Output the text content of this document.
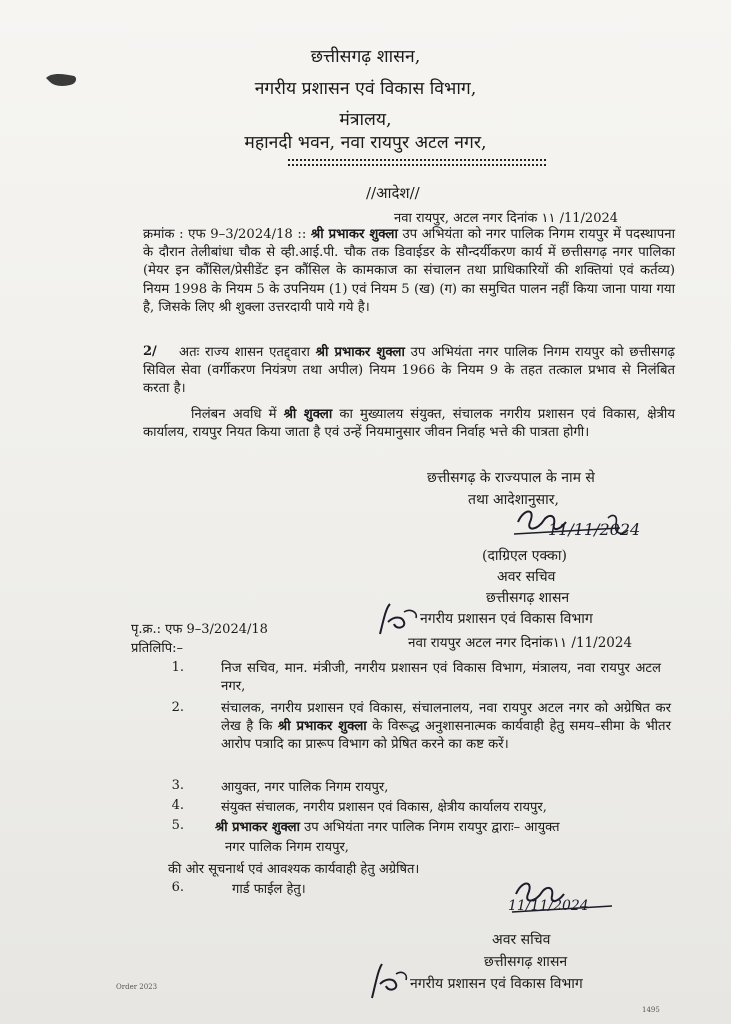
छत्तीसगढ़ शासन,
नगरीय प्रशासन एवं विकास विभाग,
मंत्रालय,
महानदी भवन, नवा रायपुर अटल नगर,
//आदेश//
नवा रायपुर, अटल नगर दिनांक ١١ /11/2024
क्रमांक : एफ 9–3/2024/18 :: श्री प्रभाकर शुक्ला उप अभियंता को नगर पालिक निगम रायपुर में पदस्थापना के दौरान तेलीबांधा चौक से व्ही.आई.पी. चौक तक डिवाईडर के सौन्दर्यीकरण कार्य में छत्तीसगढ़ नगर पालिका (मेयर इन कौंसिल/प्रेसीडेंट इन कौंसिल के कामकाज का संचालन तथा प्राधिकारियों की शक्तियां एवं कर्तव्य) नियम 1998 के नियम 5 के उपनियम (1) एवं नियम 5 (ख) (ग) का समुचित पालन नहीं किया जाना पाया गया है, जिसके लिए श्री शुक्ला उत्तरदायी पाये गये है।
अतः राज्य शासन एतद्द्वारा श्री प्रभाकर शुक्ला उप अभियंता नगर पालिक निगम रायपुर को छत्तीसगढ़ सिविल सेवा (वर्गीकरण नियंत्रण तथा अपील) नियम 1966 के नियम 9 के तहत तत्काल प्रभाव से निलंबित करता है।
2/
निलंबन अवधि में श्री शुक्ला का मुख्यालय संयुक्त, संचालक नगरीय प्रशासन एवं विकास, क्षेत्रीय कार्यालय, रायपुर नियत किया जाता है एवं उन्हें नियमानुसार जीवन निर्वाह भत्ते की पात्रता होगी।
छत्तीसगढ़ के राज्यपाल के नाम से
तथा आदेशानुसार,
11/11/2024
(दाग्रिएल एक्का)
अवर सचिव
छत्तीसगढ़ शासन
नगरीय प्रशासन एवं विकास विभाग
नवा रायपुर अटल नगर दिनांक١١ /11/2024
पृ.क्र.: एफ 9–3/2024/18
प्रतिलिपि:–
1.	निज सचिव, मान. मंत्रीजी, नगरीय प्रशासन एवं विकास विभाग, मंत्रालय, नवा रायपुर अटल नगर,
2.	संचालक, नगरीय प्रशासन एवं विकास, संचालनालय, नवा रायपुर अटल नगर को अग्रेषित कर लेख है कि श्री प्रभाकर शुक्ला के विरूद्ध अनुशासनात्मक कार्यवाही हेतु समय–सीमा के भीतर आरोप पत्रादि का प्रारूप विभाग को प्रेषित करने का कष्ट करें।
3.	आयुक्त, नगर पालिक निगम रायपुर,
4.	संयुक्त संचालक, नगरीय प्रशासन एवं विकास, क्षेत्रीय कार्यालय रायपुर,
5. श्री प्रभाकर शुक्ला उप अभियंता नगर पालिक निगम रायपुर द्वाराः– आयुक्त
नगर पालिक निगम रायपुर,
की ओर सूचनार्थ एवं आवश्यक कार्यवाही हेतु अग्रेषित।
6.	गार्ड फाईल हेतु।
11/11/2024
अवर सचिव
छत्तीसगढ़ शासन
नगरीय प्रशासन एवं विकास विभाग
Order 2023
1495
